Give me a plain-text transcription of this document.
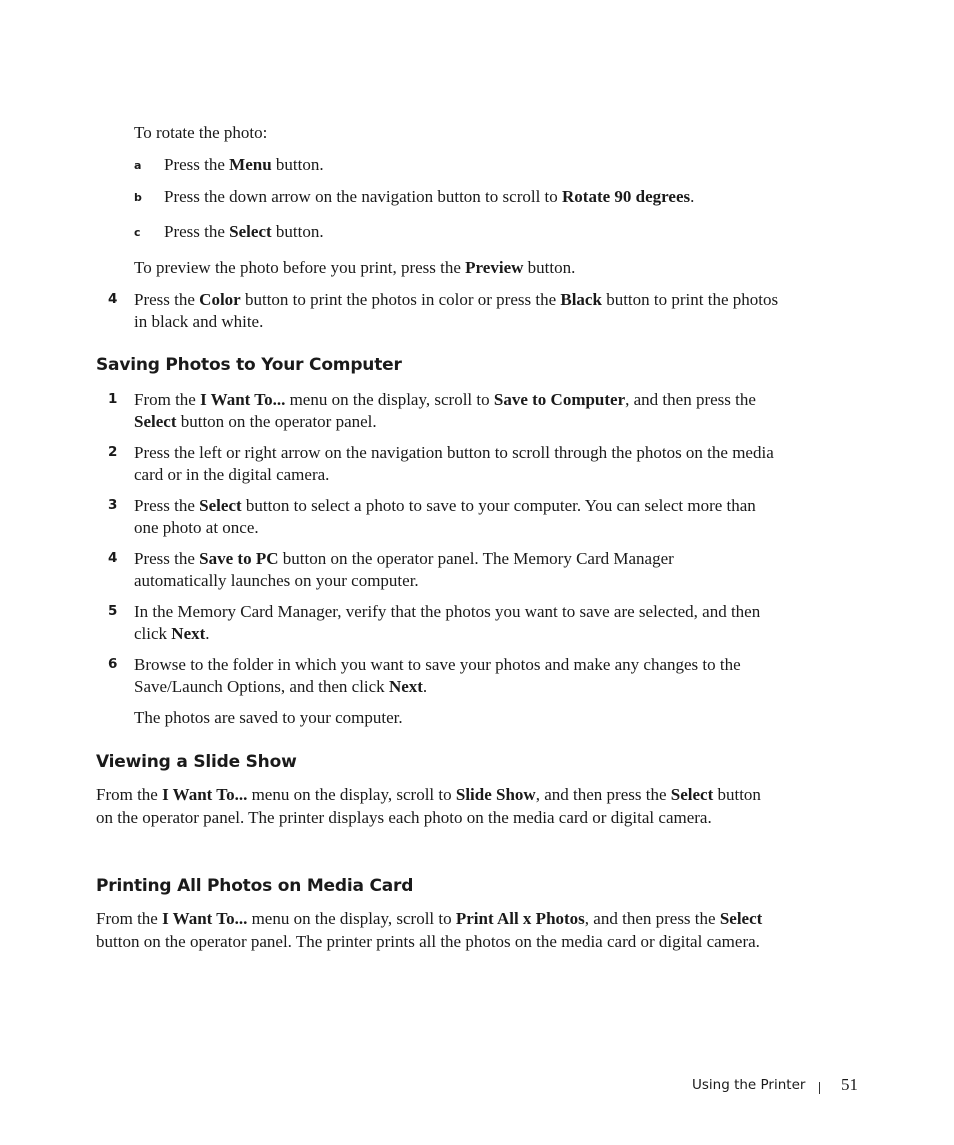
To rotate the photo:
a Press the Menu button.
b Press the down arrow on the navigation button to scroll to Rotate 90 degrees.
c Press the Select button.
To preview the photo before you print, press the Preview button.
4 Press the Color button to print the photos in color or press the Black button to print the photos in black and white.
Saving Photos to Your Computer
1 From the I Want To... menu on the display, scroll to Save to Computer, and then press the Select button on the operator panel.
2 Press the left or right arrow on the navigation button to scroll through the photos on the media card or in the digital camera.
3 Press the Select button to select a photo to save to your computer. You can select more than one photo at once.
4 Press the Save to PC button on the operator panel. The Memory Card Manager automatically launches on your computer.
5 In the Memory Card Manager, verify that the photos you want to save are selected, and then click Next.
6 Browse to the folder in which you want to save your photos and make any changes to the Save/Launch Options, and then click Next.
The photos are saved to your computer.
Viewing a Slide Show
From the I Want To... menu on the display, scroll to Slide Show, and then press the Select button on the operator panel. The printer displays each photo on the media card or digital camera.
Printing All Photos on Media Card
From the I Want To... menu on the display, scroll to Print All x Photos, and then press the Select button on the operator panel. The printer prints all the photos on the media card or digital camera.
Using the Printer 51
